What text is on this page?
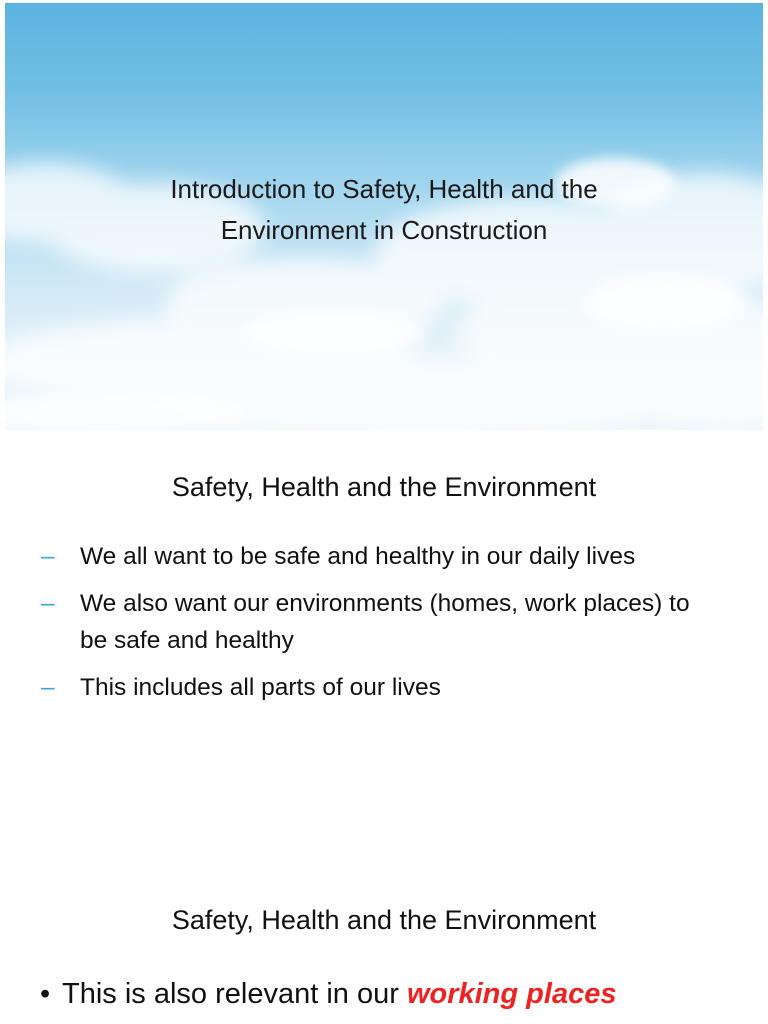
Introduction to Safety, Health and the
Environment in Construction
Safety, Health and the Environment
– We all want to be safe and healthy in our daily lives
– We also want our environments (homes, work places) to be safe and healthy
– This includes all parts of our lives
Safety, Health and the Environment
• This is also relevant in our working places
